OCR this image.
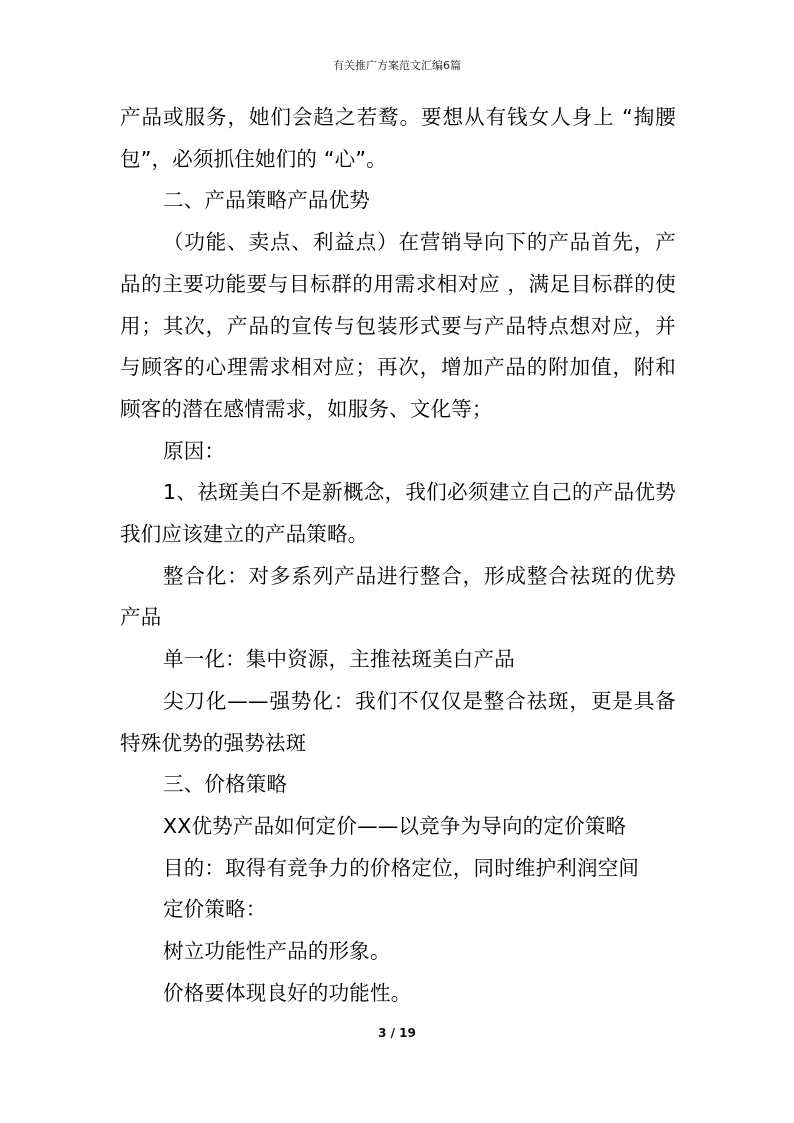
有关推广方案范文汇编6篇

产品或服务，她们会趋之若鹜。要想从有钱女人身上 “掏腰包”，必须抓住她们的 “心”。

二、产品策略产品优势

（功能、卖点、利益点）在营销导向下的产品首先，产品的主要功能要与目标群的用需求相对应 ，满足目标群的使用；其次，产品的宣传与包装形式要与产品特点想对应，并与顾客的心理需求相对应；再次，增加产品的附加值，附和顾客的潜在感情需求，如服务、文化等；

原因：

1、祛斑美白不是新概念，我们必须建立自己的产品优势我们应该建立的产品策略。

整合化：对多系列产品进行整合，形成整合祛斑的优势产品

单一化：集中资源，主推祛斑美白产品

尖刀化——强势化：我们不仅仅是整合祛斑，更是具备特殊优势的强势祛斑

三、价格策略

XX优势产品如何定价——以竞争为导向的定价策略

目的：取得有竞争力的价格定位，同时维护利润空间

定价策略：

树立功能性产品的形象。

价格要体现良好的功能性。

3 / 19
